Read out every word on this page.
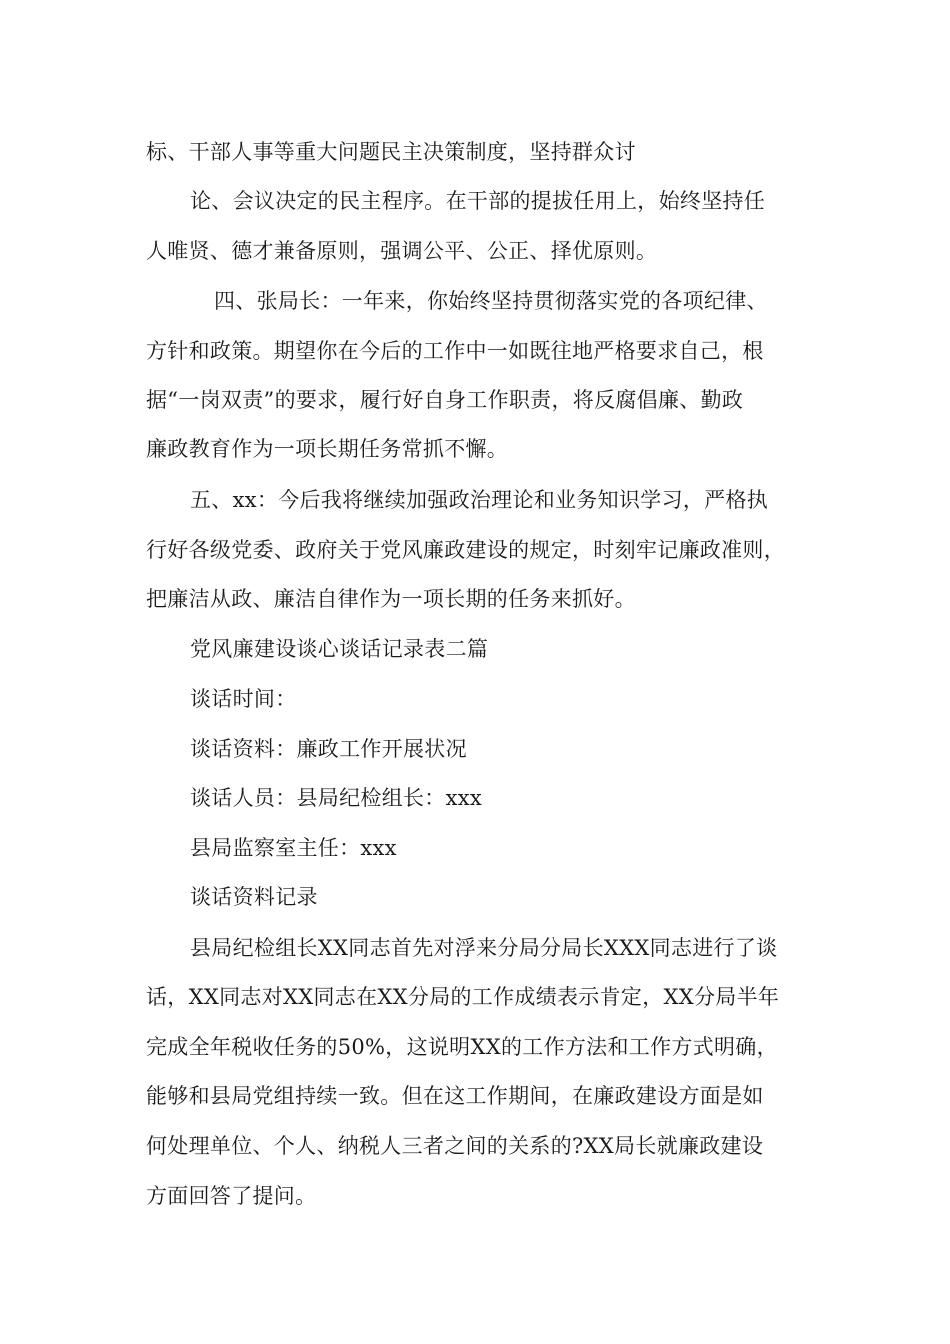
标、干部人事等重大问题民主决策制度，坚持群众讨

论、会议决定的民主程序。在干部的提拔任用上，始终坚持任

人唯贤、德才兼备原则，强调公平、公正、择优原则。

四、张局长：一年来，你始终坚持贯彻落实党的各项纪律、

方针和政策。期望你在今后的工作中一如既往地严格要求自己，根

据“一岗双责”的要求，履行好自身工作职责，将反腐倡廉、勤政

廉政教育作为一项长期任务常抓不懈。

五、xx：今后我将继续加强政治理论和业务知识学习，严格执

行好各级党委、政府关于党风廉政建设的规定，时刻牢记廉政准则，

把廉洁从政、廉洁自律作为一项长期的任务来抓好。

党风廉建设谈心谈话记录表二篇

谈话时间：

谈话资料：廉政工作开展状况

谈话人员：县局纪检组长：xxx

县局监察室主任：xxx

谈话资料记录

县局纪检组长XX同志首先对浮来分局分局长XXX同志进行了谈

话，XX同志对XX同志在XX分局的工作成绩表示肯定，XX分局半年

完成全年税收任务的50%，这说明XX的工作方法和工作方式明确，

能够和县局党组持续一致。但在这工作期间，在廉政建设方面是如

何处理单位、个人、纳税人三者之间的关系的?XX局长就廉政建设

方面回答了提问。
